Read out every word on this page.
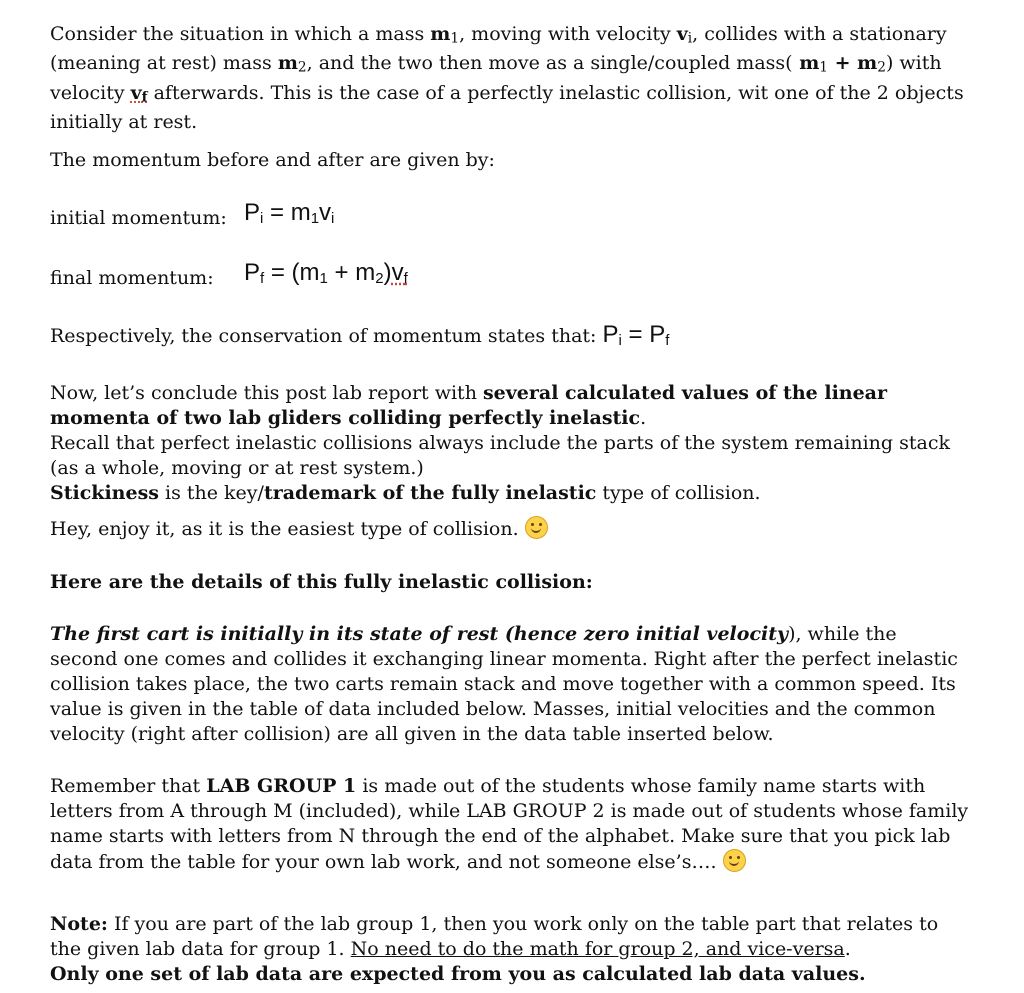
Consider the situation in which a mass m1, moving with velocity vi, collides with a stationary (meaning at rest) mass m2, and the two then move as a single/coupled mass( m1 + m2) with velocity vf afterwards. This is the case of a perfectly inelastic collision, wit one of the 2 objects initially at rest.

The momentum before and after are given by:

initial momentum: Pi = m1vi
final momentum: Pf = (m1 + m2)vf

Respectively, the conservation of momentum states that: Pi = Pf

Now, let’s conclude this post lab report with several calculated values of the linear momenta of two lab gliders colliding perfectly inelastic.
Recall that perfect inelastic collisions always include the parts of the system remaining stack (as a whole, moving or at rest system.)
Stickiness is the key/trademark of the fully inelastic type of collision.

Hey, enjoy it, as it is the easiest type of collision.

Here are the details of this fully inelastic collision:

The first cart is initially in its state of rest (hence zero initial velocity), while the second one comes and collides it exchanging linear momenta. Right after the perfect inelastic collision takes place, the two carts remain stack and move together with a common speed. Its value is given in the table of data included below. Masses, initial velocities and the common velocity (right after collision) are all given in the data table inserted below.

Remember that LAB GROUP 1 is made out of the students whose family name starts with letters from A through M (included), while LAB GROUP 2 is made out of students whose family name starts with letters from N through the end of the alphabet. Make sure that you pick lab data from the table for your own lab work, and not someone else’s….

Note: If you are part of the lab group 1, then you work only on the table part that relates to the given lab data for group 1. No need to do the math for group 2, and vice-versa.
Only one set of lab data are expected from you as calculated lab data values.
